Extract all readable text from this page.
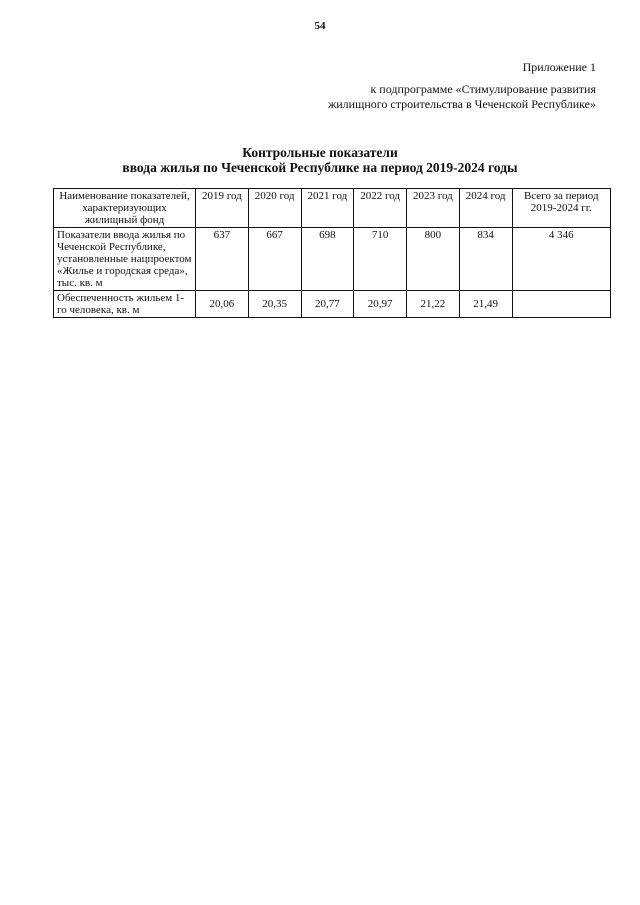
54
Приложение 1
к подпрограмме «Стимулирование развития
жилищного строительства в Чеченской Республике»
Контрольные показатели
ввода жилья по Чеченской Республике на период 2019-2024 годы
Наименование показателей, характеризующих жилищный фонд	2019 год	2020 год	2021 год	2022 год	2023 год	2024 год	Всего за период 2019-2024 гг.
Показатели ввода жилья по Чеченской Республике, установленные нацпроектом «Жилье и городская среда», тыс. кв. м	637	667	698	710	800	834	4 346
Обеспеченность жильем 1-го человека, кв. м	20,06	20,35	20,77	20,97	21,22	21,49	
